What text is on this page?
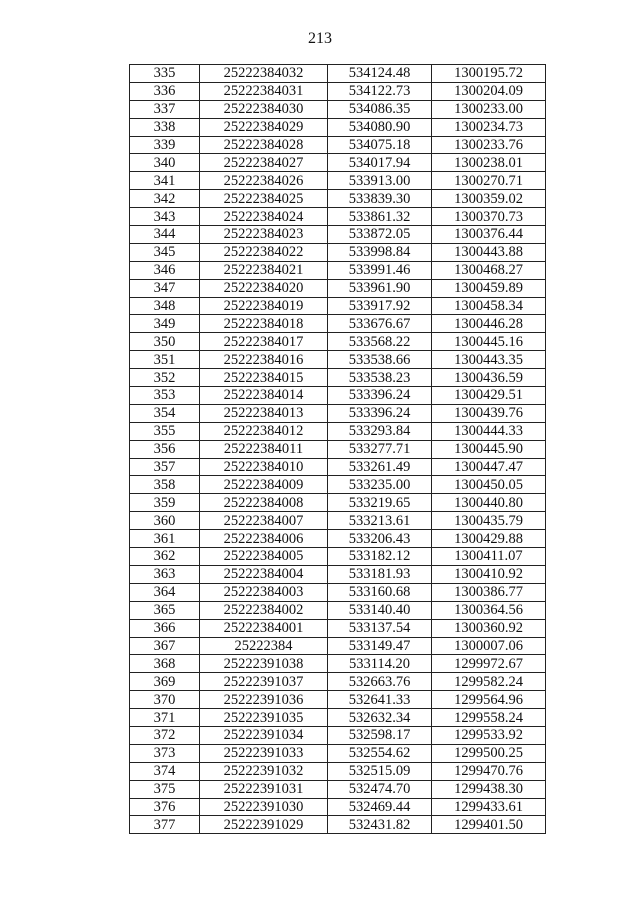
213
335	25222384032	534124.48	1300195.72
336	25222384031	534122.73	1300204.09
337	25222384030	534086.35	1300233.00
338	25222384029	534080.90	1300234.73
339	25222384028	534075.18	1300233.76
340	25222384027	534017.94	1300238.01
341	25222384026	533913.00	1300270.71
342	25222384025	533839.30	1300359.02
343	25222384024	533861.32	1300370.73
344	25222384023	533872.05	1300376.44
345	25222384022	533998.84	1300443.88
346	25222384021	533991.46	1300468.27
347	25222384020	533961.90	1300459.89
348	25222384019	533917.92	1300458.34
349	25222384018	533676.67	1300446.28
350	25222384017	533568.22	1300445.16
351	25222384016	533538.66	1300443.35
352	25222384015	533538.23	1300436.59
353	25222384014	533396.24	1300429.51
354	25222384013	533396.24	1300439.76
355	25222384012	533293.84	1300444.33
356	25222384011	533277.71	1300445.90
357	25222384010	533261.49	1300447.47
358	25222384009	533235.00	1300450.05
359	25222384008	533219.65	1300440.80
360	25222384007	533213.61	1300435.79
361	25222384006	533206.43	1300429.88
362	25222384005	533182.12	1300411.07
363	25222384004	533181.93	1300410.92
364	25222384003	533160.68	1300386.77
365	25222384002	533140.40	1300364.56
366	25222384001	533137.54	1300360.92
367	25222384	533149.47	1300007.06
368	25222391038	533114.20	1299972.67
369	25222391037	532663.76	1299582.24
370	25222391036	532641.33	1299564.96
371	25222391035	532632.34	1299558.24
372	25222391034	532598.17	1299533.92
373	25222391033	532554.62	1299500.25
374	25222391032	532515.09	1299470.76
375	25222391031	532474.70	1299438.30
376	25222391030	532469.44	1299433.61
377	25222391029	532431.82	1299401.50
